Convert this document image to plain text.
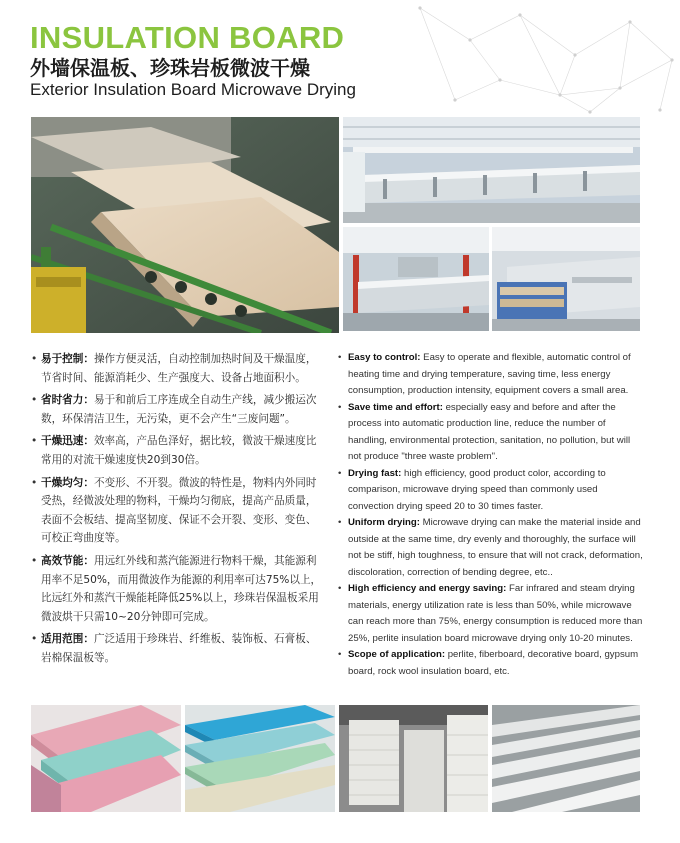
INSULATION BOARD
外墙保温板、珍珠岩板微波干燥

Exterior Insulation Board Microwave Drying

• 易于控制：操作方便灵活，自动控制加热时间及干燥温度，节省时间、能源消耗少、生产强度大、设备占地面积小。
• 省时省力：易于和前后工序连成全自动生产线，减少搬运次数，环保清洁卫生，无污染，更不会产生“三废问题”。
• 干燥迅速：效率高，产品色泽好，据比较，微波干燥速度比常用的对流干燥速度快20到30倍。
• 干燥均匀：不变形、不开裂。微波的特性是，物料内外同时受热，经微波处理的物料，干燥均匀彻底，提高产品质量，表面不会板结、提高坚韧度、保证不会开裂、变形、变色、可校正弯曲度等。
• 高效节能：用远红外线和蒸汽能源进行物料干燥，其能源利用率不足50%，而用微波作为能源的利用率可达75%以上，比远红外和蒸汽干燥能耗降低25%以上，珍珠岩保温板采用微波烘干只需10~20分钟即可完成。
• 适用范围：广泛适用于珍珠岩、纤维板、装饰板、石膏板、岩棉保温板等。
• Easy to control: Easy to operate and flexible, automatic control of heating time and drying temperature, saving time, less energy consumption, production intensity, equipment covers a small area.
• Save time and effort: especially easy and before and after the process into automatic production line, reduce the number of handling, environmental protection, sanitation, no pollution, but will not produce "three waste problem".
• Drying fast: high efficiency, good product color, according to comparison, microwave drying speed than commonly used convection drying speed 20 to 30 times faster.
• Uniform drying: Microwave drying can make the material inside and outside at the same time, dry evenly and thoroughly, the surface will not be stiff, high toughness, to ensure that will not crack, deformation, discoloration, correction of bending degree, etc..
• High efficiency and energy saving: Far infrared and steam drying materials, energy utilization rate is less than 50%, while microwave can reach more than 75%, energy consumption is reduced more than 25%, perlite insulation board microwave drying only 10-20 minutes.
• Scope of application: perlite, fiberboard, decorative board, gypsum board, rock wool insulation board, etc.
